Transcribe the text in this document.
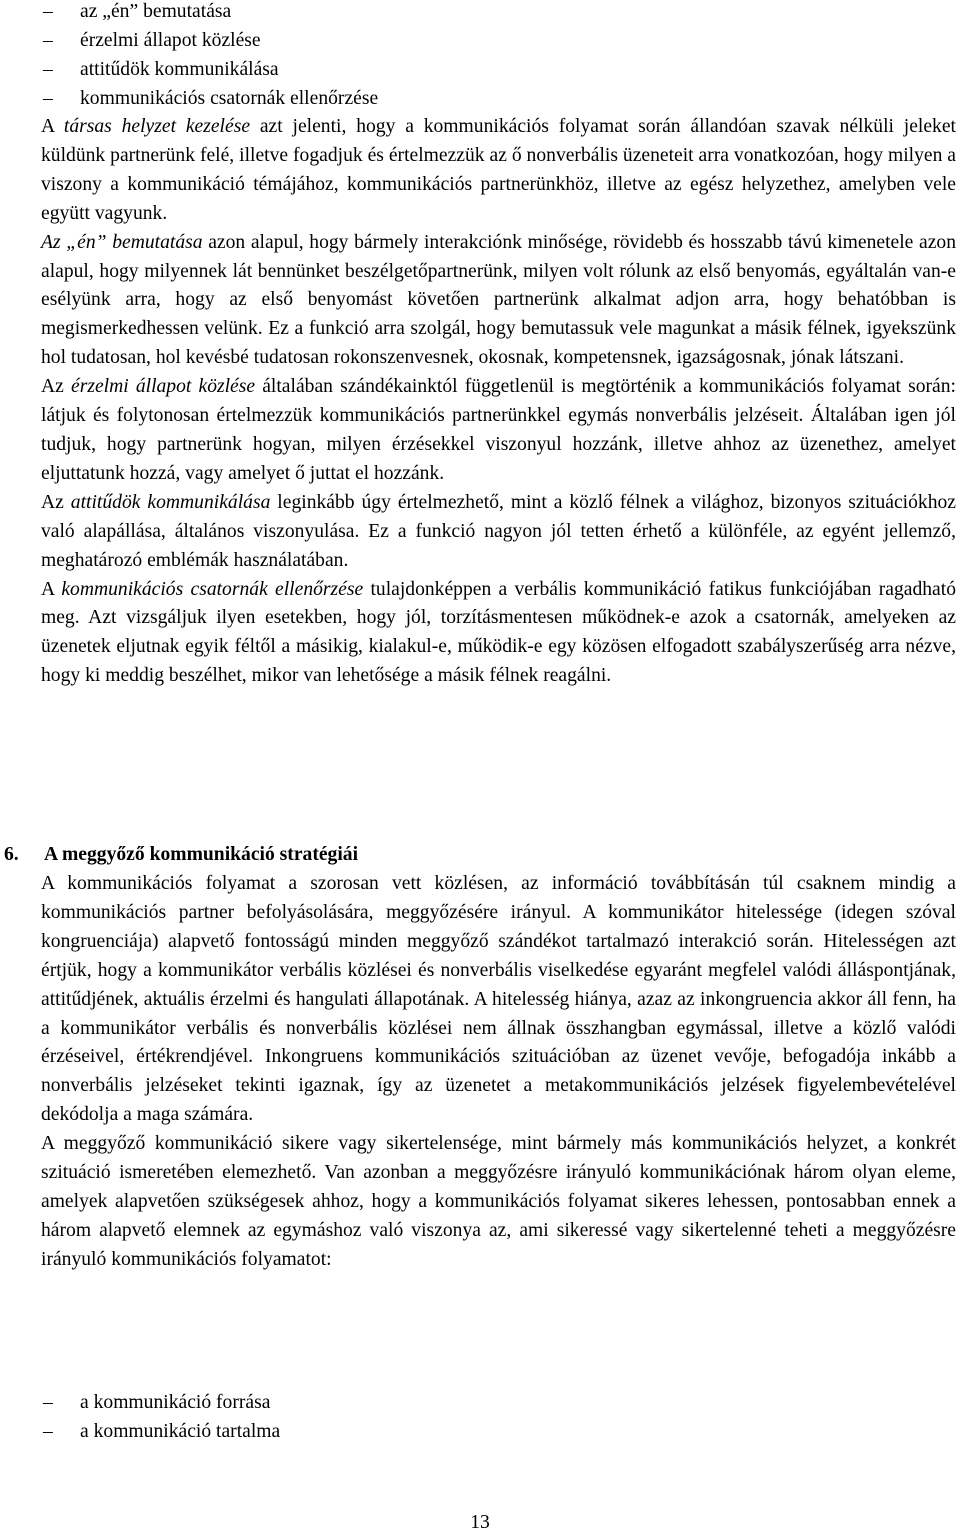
– az „én” bemutatása
– érzelmi állapot közlése
– attitűdök kommunikálása
– kommunikációs csatornák ellenőrzése

A társas helyzet kezelése azt jelenti, hogy a kommunikációs folyamat során állandóan szavak nélküli jeleket küldünk partnerünk felé, illetve fogadjuk és értelmezzük az ő nonverbális üzeneteit arra vonatkozóan, hogy milyen a viszony a kommunikáció témájához, kommunikációs partnerünkhöz, illetve az egész helyzethez, amelyben vele együtt vagyunk.

Az „én” bemutatása azon alapul, hogy bármely interakciónk minősége, rövidebb és hosszabb távú kimenetele azon alapul, hogy milyennek lát bennünket beszélgetőpartnerünk, milyen volt rólunk az első benyomás, egyáltalán van-e esélyünk arra, hogy az első benyomást követően partnerünk alkalmat adjon arra, hogy behatóbban is megismerkedhessen velünk. Ez a funkció arra szolgál, hogy bemutassuk vele magunkat a másik félnek, igyekszünk hol tudatosan, hol kevésbé tudatosan rokonszenvesnek, okosnak, kompetensnek, igazságosnak, jónak látszani.

Az érzelmi állapot közlése általában szándékainktól függetlenül is megtörténik a kommunikációs folyamat során: látjuk és folytonosan értelmezzük kommunikációs partnerünkkel egymás nonverbális jelzéseit. Általában igen jól tudjuk, hogy partnerünk hogyan, milyen érzésekkel viszonyul hozzánk, illetve ahhoz az üzenethez, amelyet eljuttatunk hozzá, vagy amelyet ő juttat el hozzánk.

Az attitűdök kommunikálása leginkább úgy értelmezhető, mint a közlő félnek a világhoz, bizonyos szituációkhoz való alapállása, általános viszonyulása. Ez a funkció nagyon jól tetten érhető a különféle, az egyént jellemző, meghatározó emblémák használatában.

A kommunikációs csatornák ellenőrzése tulajdonképpen a verbális kommunikáció fatikus funkciójában ragadható meg. Azt vizsgáljuk ilyen esetekben, hogy jól, torzításmentesen működnek-e azok a csatornák, amelyeken az üzenetek eljutnak egyik féltől a másikig, kialakul-e, működik-e egy közösen elfogadott szabályszerűség arra nézve, hogy ki meddig beszélhet, mikor van lehetősége a másik félnek reagálni.

6. A meggyőző kommunikáció stratégiái

A kommunikációs folyamat a szorosan vett közlésen, az információ továbbításán túl csaknem mindig a kommunikációs partner befolyásolására, meggyőzésére irányul. A kommunikátor hitelessége (idegen szóval kongruenciája) alapvető fontosságú minden meggyőző szándékot tartalmazó interakció során. Hitelességen azt értjük, hogy a kommunikátor verbális közlései és nonverbális viselkedése egyaránt megfelel valódi álláspontjának, attitűdjének, aktuális érzelmi és hangulati állapotának. A hitelesség hiánya, azaz az inkongruencia akkor áll fenn, ha a kommunikátor verbális és nonverbális közlései nem állnak összhangban egymással, illetve a közlő valódi érzéseivel, értékrendjével. Inkongruens kommunikációs szituációban az üzenet vevője, befogadója inkább a nonverbális jelzéseket tekinti igaznak, így az üzenetet a metakommunikációs jelzések figyelembevételével dekódolja a maga számára.

A meggyőző kommunikáció sikere vagy sikertelensége, mint bármely más kommunikációs helyzet, a konkrét szituáció ismeretében elemezhető. Van azonban a meggyőzésre irányuló kommunikációnak három olyan eleme, amelyek alapvetően szükségesek ahhoz, hogy a kommunikációs folyamat sikeres lehessen, pontosabban ennek a három alapvető elemnek az egymáshoz való viszonya az, ami sikeressé vagy sikertelenné teheti a meggyőzésre irányuló kommunikációs folyamatot:

– a kommunikáció forrása
– a kommunikáció tartalma
13
